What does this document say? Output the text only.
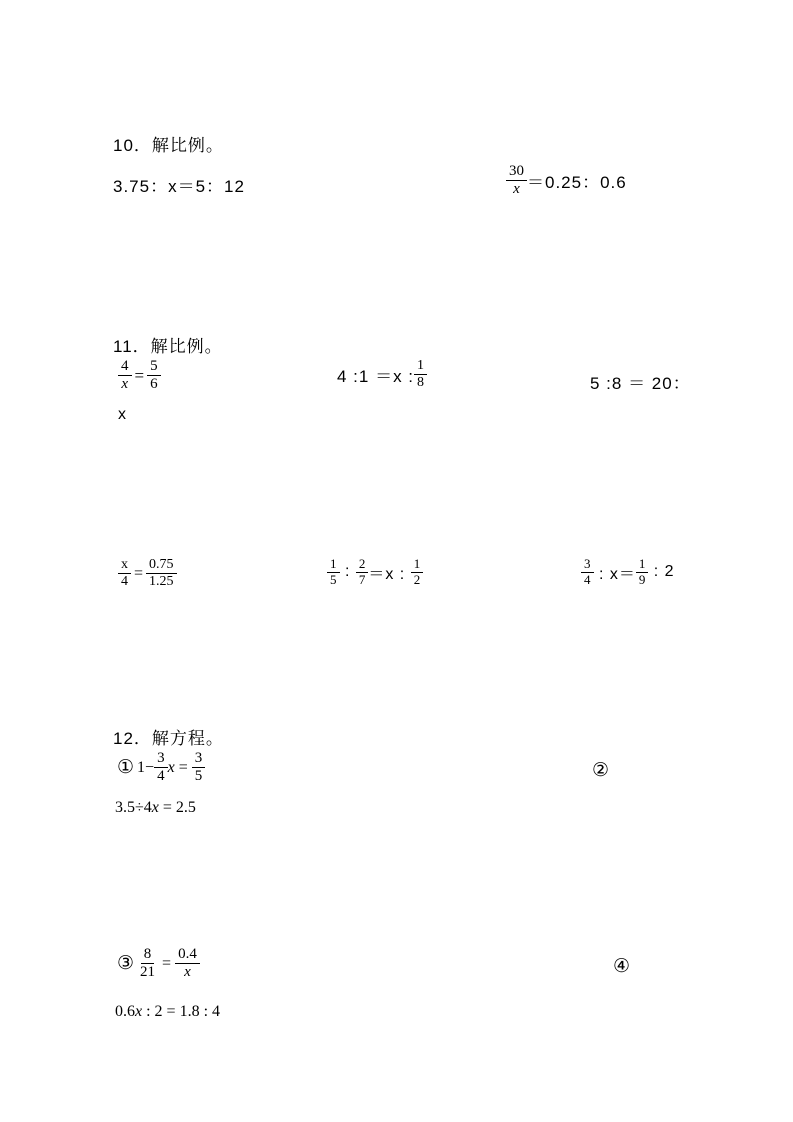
10．解比例。
3.75：x＝5：12	$\frac{30}{x} =0.25$：0.6
11．解比例。
$\frac{4}{x} = \frac{5}{6}$	4 :1 ＝x : $\frac{1}{8}$	5 :8 ＝ 20：
x
$\frac{x}{4} = \frac{0.75}{1.25}$	$\frac{1}{5}$ : $\frac{2}{7} =x$ : $\frac{1}{2}$	$\frac{3}{4}$ : $x= \frac{1}{9}$ : 2
12．解方程。
① $1- \frac{3}{4}$ $x = \frac{3}{5}$	②
3.5÷4 x = 2.5
③ $\frac{8}{21} = \frac{0.4}{x}$	④
0.6 x : 2 = 1.8 : 4
